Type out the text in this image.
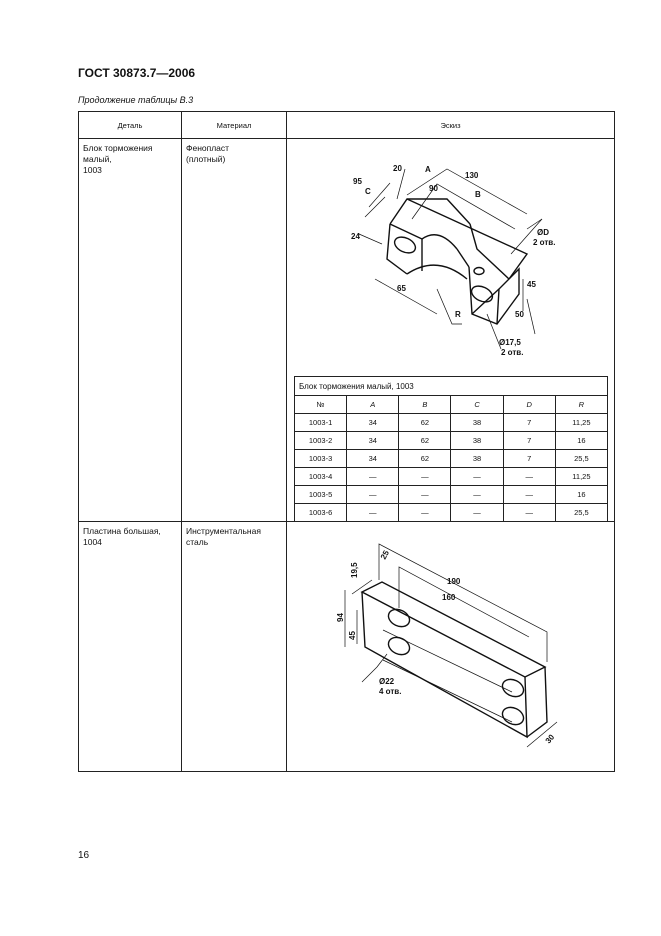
ГОСТ 30873.7—2006
Продолжение таблицы В.3
Деталь	Материал	Эскиз

Блок торможения
малый,
1003

Фенопласт
(плотный)

130
A
90
B
20
95
C
24	ØD
2 отв.
45
65
R	50
Ø17,5
2 отв.
Блок торможения малый, 1003
№	A	B	C	D	R
1003-1	34	62	38	7	11,25
1003-2	34	62	38	7	16
1003-3	34	62	38	7	25,5
1003-4	—	—	—	—	11,25
1003-5	—	—	—	—	16
1003-6	—	—	—	—	25,5

Пластина большая,
1004

Инструментальная
сталь

25
190
160
19,5
94
45
Ø22
4 отв.
30
16
